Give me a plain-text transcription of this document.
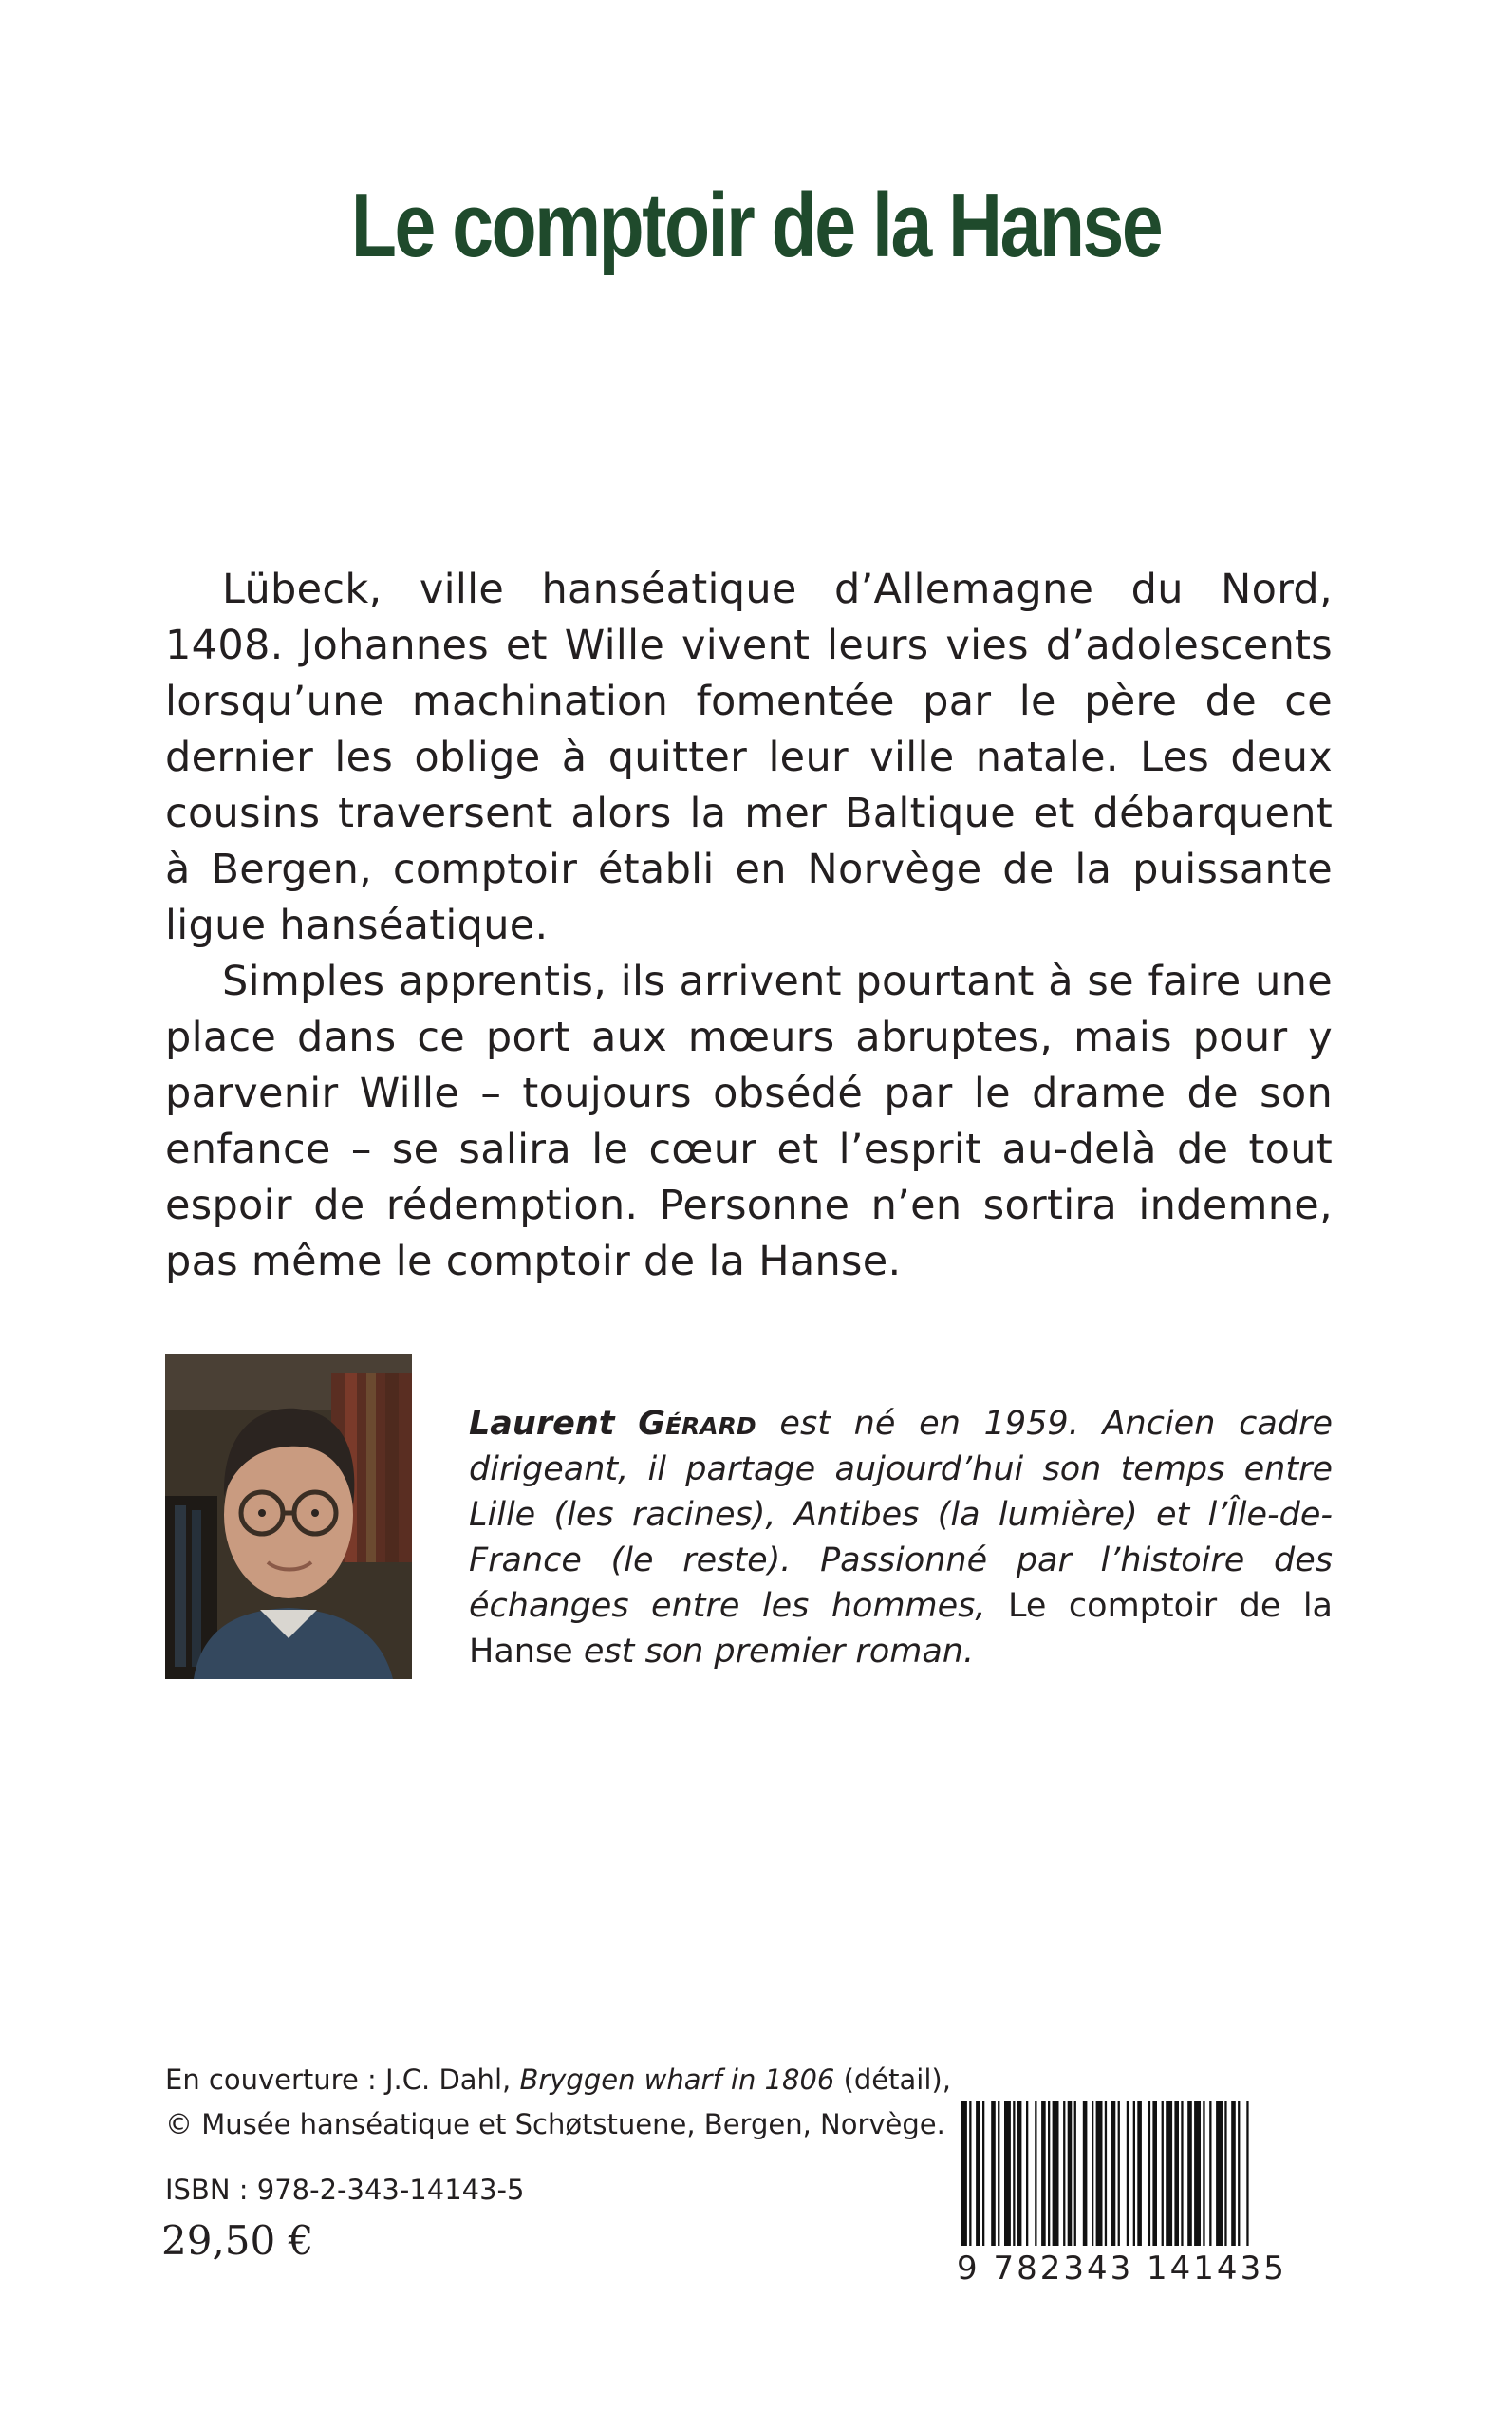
Le comptoir de la Hanse

Lübeck, ville hanséatique d’Allemagne du Nord, 1408. Johannes et Wille vivent leurs vies d’adolescents lorsqu’une machination fomentée par le père de ce dernier les oblige à quitter leur ville natale. Les deux cousins traversent alors la mer Baltique et débarquent à Bergen, comptoir établi en Norvège de la puissante ligue hanséatique.

Simples apprentis, ils arrivent pourtant à se faire une place dans ce port aux mœurs abruptes, mais pour y parvenir Wille – toujours obsédé par le drame de son enfance – se salira le cœur et l’esprit au-delà de tout espoir de rédemption. Personne n’en sortira indemne, pas même le comptoir de la Hanse.

Laurent Gérard est né en 1959. Ancien cadre dirigeant, il partage aujourd’hui son temps entre Lille (les racines), Antibes (la lumière) et l’Île-de-France (le reste). Passionné par l’histoire des échanges entre les hommes, Le comptoir de la Hanse est son premier roman.

En couverture : J.C. Dahl, Bryggen wharf in 1806 (détail),
© Musée hanséatique et Schøtstuene, Bergen, Norvège.

ISBN : 978-2-343-14143-5

29,50 €

9 782343 141435
